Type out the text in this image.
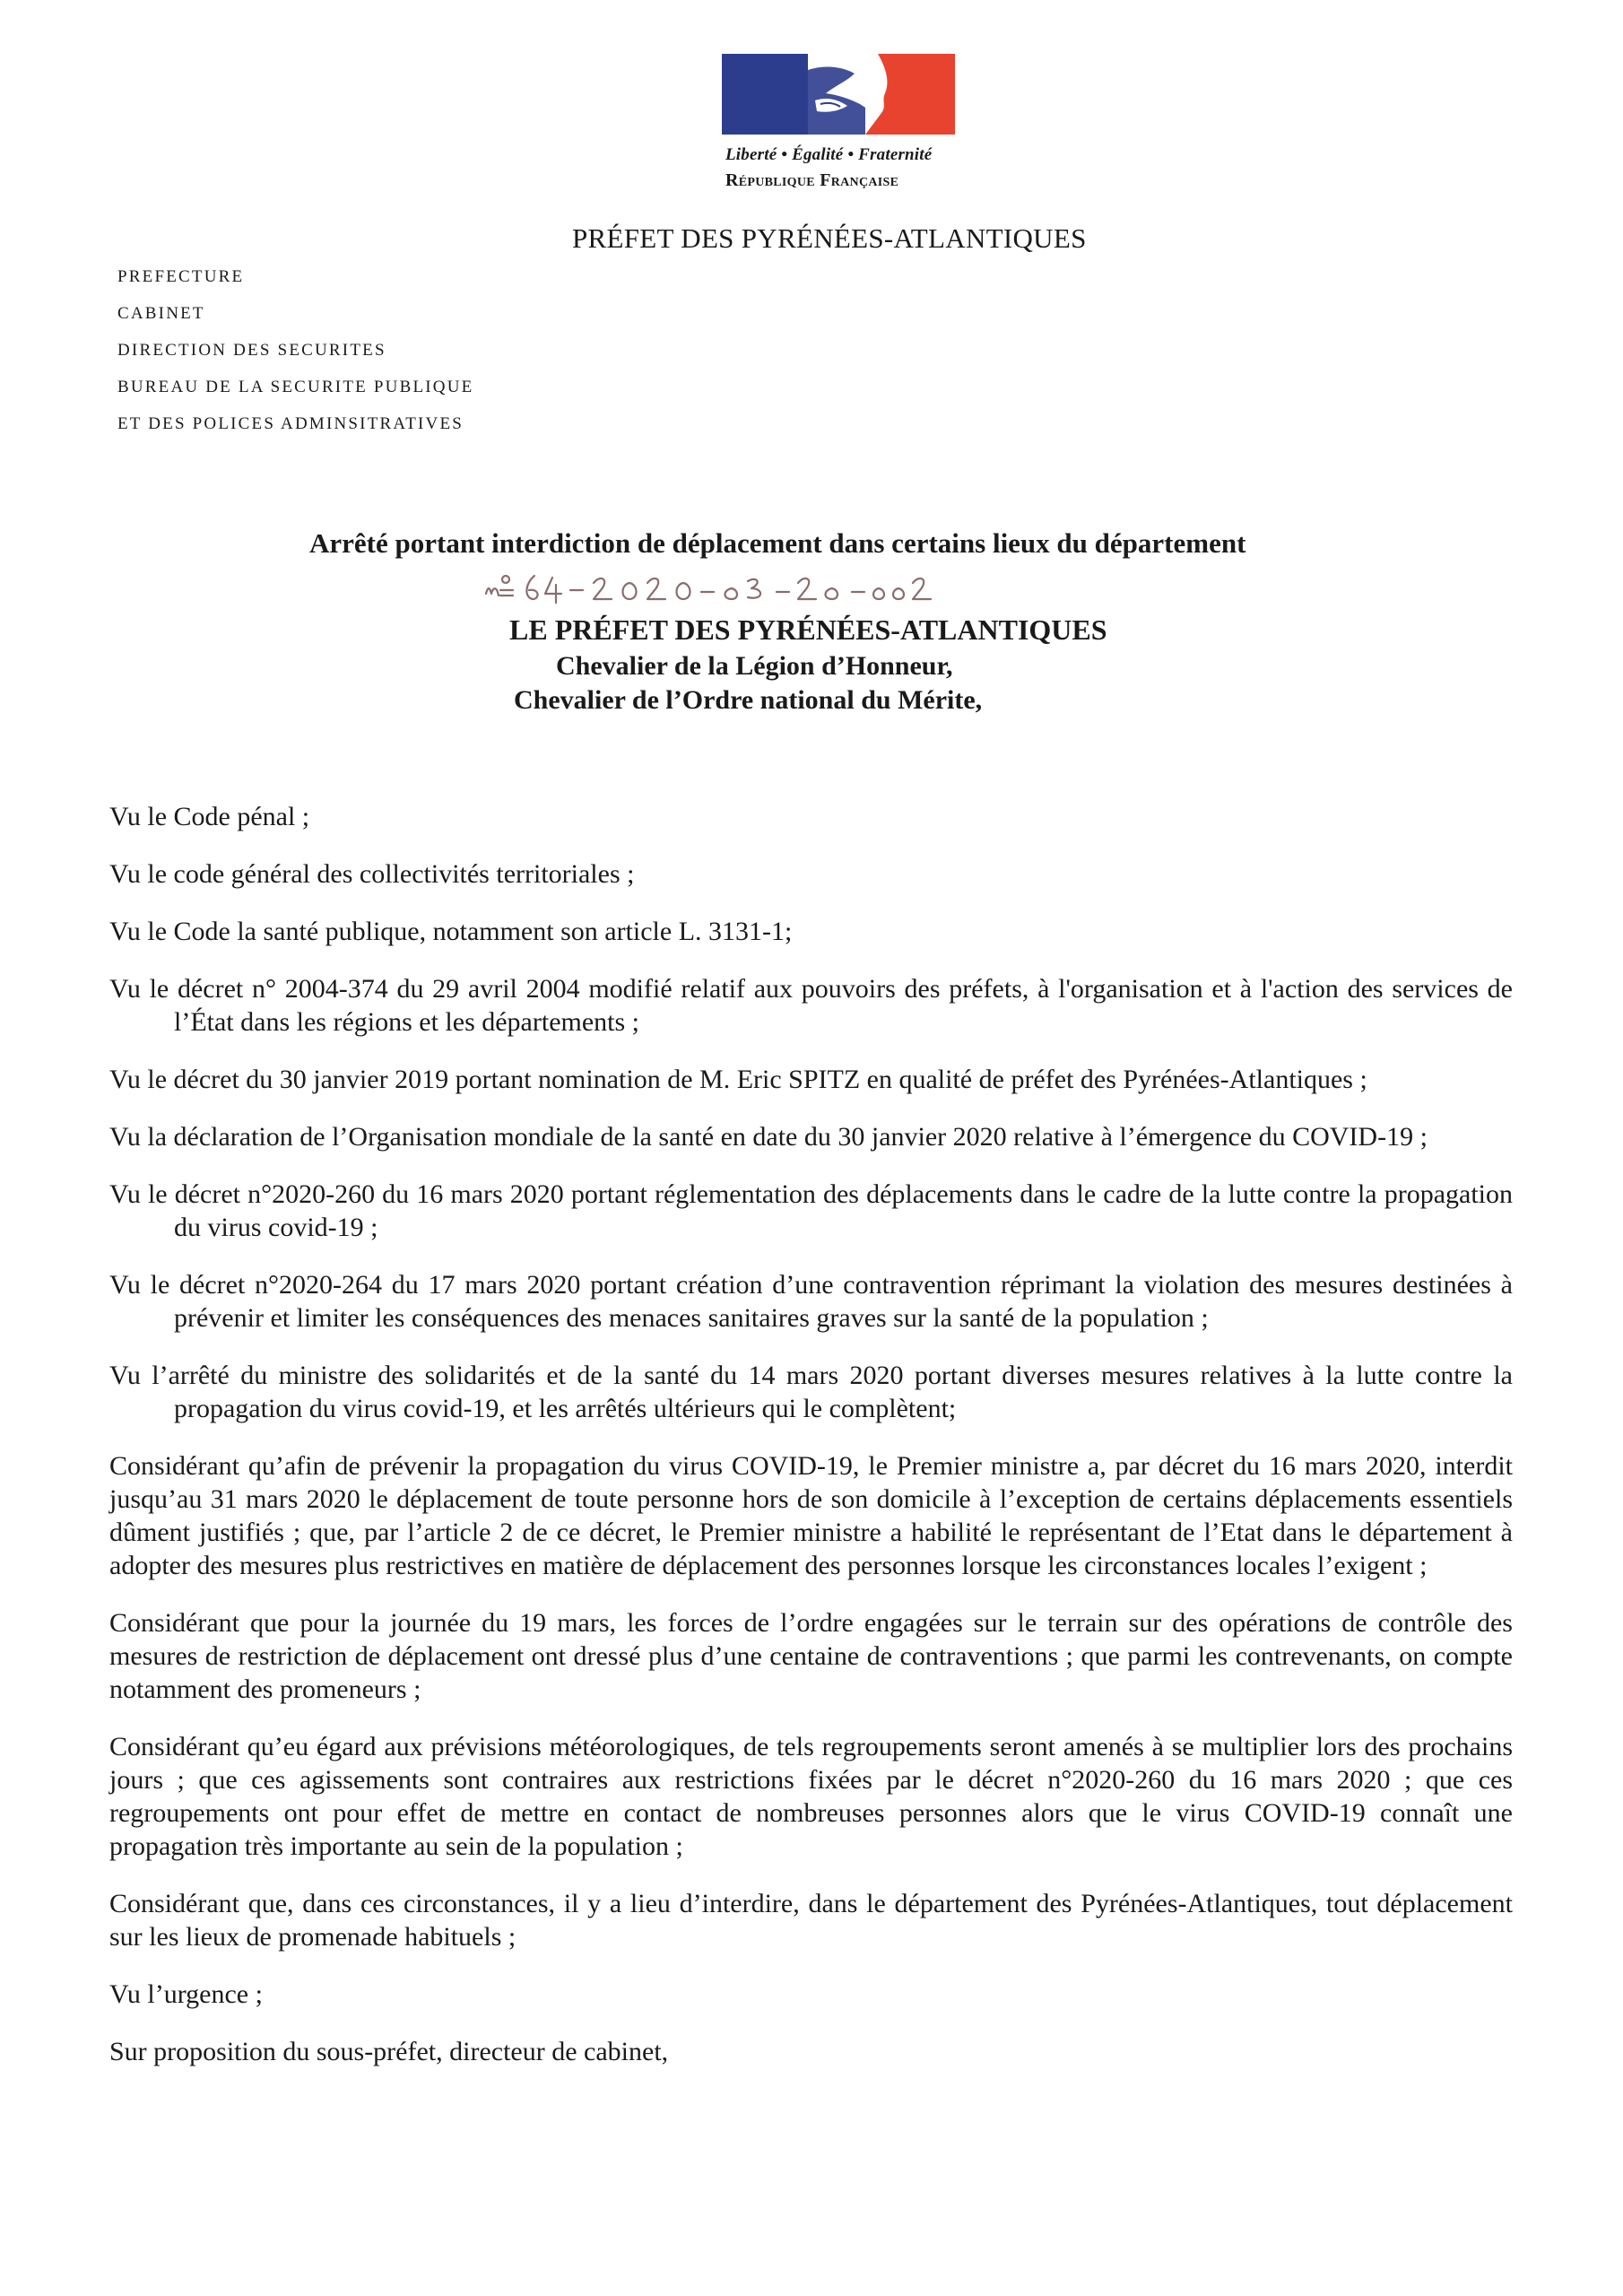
Liberté • Égalité • Fraternité
République Française
PRÉFET DES PYRÉNÉES-ATLANTIQUES
PREFECTURE
CABINET
DIRECTION DES SECURITES
BUREAU DE LA SECURITE PUBLIQUE
ET DES POLICES ADMINSITRATIVES
Arrêté portant interdiction de déplacement dans certains lieux du département
LE PRÉFET DES PYRÉNÉES-ATLANTIQUES
Chevalier de la Légion d’Honneur,
Chevalier de l’Ordre national du Mérite,

Vu le Code pénal ;

Vu le code général des collectivités territoriales ;

Vu le Code la santé publique, notamment son article L. 3131-1;

Vu le décret n° 2004-374 du 29 avril 2004 modifié relatif aux pouvoirs des préfets, à l'organisation et à l'action des services de l’État dans les régions et les départements ;

Vu le décret du 30 janvier 2019 portant nomination de M. Eric SPITZ en qualité de préfet des Pyrénées-Atlantiques ;

Vu la déclaration de l’Organisation mondiale de la santé en date du 30 janvier 2020 relative à l’émergence du COVID-19 ;

Vu le décret n°2020-260 du 16 mars 2020 portant réglementation des déplacements dans le cadre de la lutte contre la propagation du virus covid-19 ;

Vu le décret n°2020-264 du 17 mars 2020 portant création d’une contravention réprimant la violation des mesures destinées à prévenir et limiter les conséquences des menaces sanitaires graves sur la santé de la population ;

Vu l’arrêté du ministre des solidarités et de la santé du 14 mars 2020 portant diverses mesures relatives à la lutte contre la propagation du virus covid-19, et les arrêtés ultérieurs qui le complètent;

Considérant qu’afin de prévenir la propagation du virus COVID-19, le Premier ministre a, par décret du 16 mars 2020, interdit jusqu’au 31 mars 2020 le déplacement de toute personne hors de son domicile à l’exception de certains déplacements essentiels dûment justifiés ; que, par l’article 2 de ce décret, le Premier ministre a habilité le représentant de l’Etat dans le département à adopter des mesures plus restrictives en matière de déplacement des personnes lorsque les circonstances locales l’exigent ;

Considérant que pour la journée du 19 mars, les forces de l’ordre engagées sur le terrain sur des opérations de contrôle des mesures de restriction de déplacement ont dressé plus d’une centaine de contraventions ; que parmi les contrevenants, on compte notamment des promeneurs ;

Considérant qu’eu égard aux prévisions météorologiques, de tels regroupements seront amenés à se multiplier lors des prochains jours ; que ces agissements sont contraires aux restrictions fixées par le décret n°2020-260 du 16 mars 2020 ; que ces regroupements ont pour effet de mettre en contact de nombreuses personnes alors que le virus COVID-19 connaît une propagation très importante au sein de la population ;

Considérant que, dans ces circonstances, il y a lieu d’interdire, dans le département des Pyrénées-Atlantiques, tout déplacement sur les lieux de promenade habituels ;

Vu l’urgence ;

Sur proposition du sous-préfet, directeur de cabinet,
